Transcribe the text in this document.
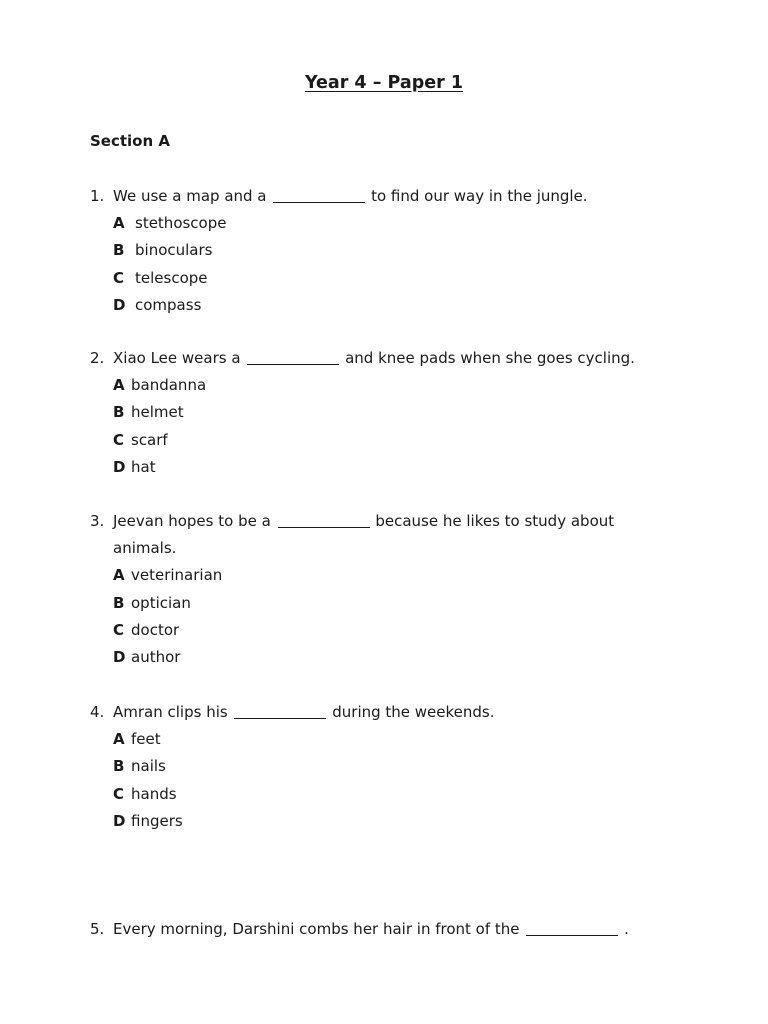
Year 4 – Paper 1
Section A
1. We use a map and a	to find our way in the jungle.
A stethoscope
B binoculars
C telescope
D compass
2. Xiao Lee wears a	and knee pads when she goes cycling.
A bandanna
B helmet
C scarf
D hat
3. Jeevan hopes to be a	because he likes to study about
animals.
A veterinarian
B optician
C doctor
D author
4. Amran clips his	during the weekends.
A feet
B nails
C hands
D fingers
5. Every morning, Darshini combs her hair in front of the	.
